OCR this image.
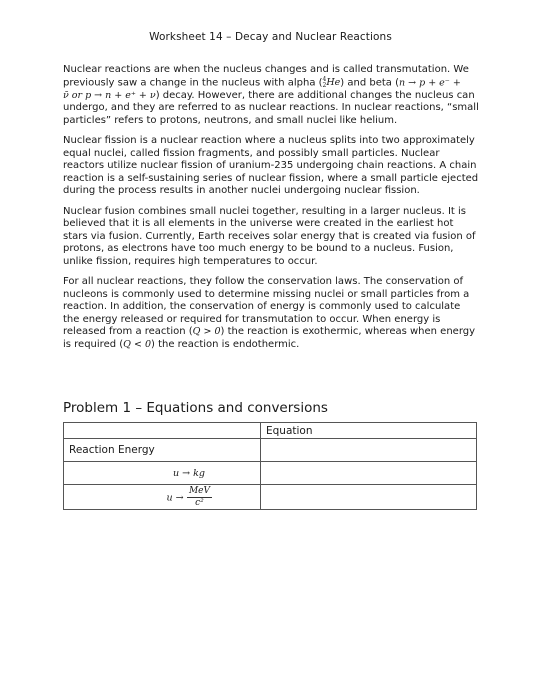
Worksheet 14 – Decay and Nuclear Reactions

Nuclear reactions are when the nucleus changes and is called transmutation. We previously saw a change in the nucleus with alpha ( 4
2 He) and beta (n → p + e⁻ +
ν̄ or p → n + e⁺ + ν) decay. However, there are additional changes the nucleus can undergo, and they are referred to as nuclear reactions. In nuclear reactions, “small particles” refers to protons, neutrons, and small nuclei like helium.

Nuclear fission is a nuclear reaction where a nucleus splits into two approximately equal nuclei, called fission fragments, and possibly small particles. Nuclear reactors utilize nuclear fission of uranium-235 undergoing chain reactions. A chain reaction is a self-sustaining series of nuclear fission, where a small particle ejected during the process results in another nuclei undergoing nuclear fission.

Nuclear fusion combines small nuclei together, resulting in a larger nucleus. It is believed that it is all elements in the universe were created in the earliest hot stars via fusion. Currently, Earth receives solar energy that is created via fusion of protons, as electrons have too much energy to be bound to a nucleus. Fusion, unlike fission, requires high temperatures to occur.

For all nuclear reactions, they follow the conservation laws. The conservation of nucleons is commonly used to determine missing nuclei or small particles from a reaction. In addition, the conservation of energy is commonly used to calculate the energy released or required for transmutation to occur. When energy is released from a reaction (Q > 0) the reaction is exothermic, whereas when energy is required (Q < 0) the reaction is endothermic.

Problem 1 – Equations and conversions
	Equation
Reaction Energy	
u → kg	
$u \to \frac{\text{MeV}}{\text{c²}}$
